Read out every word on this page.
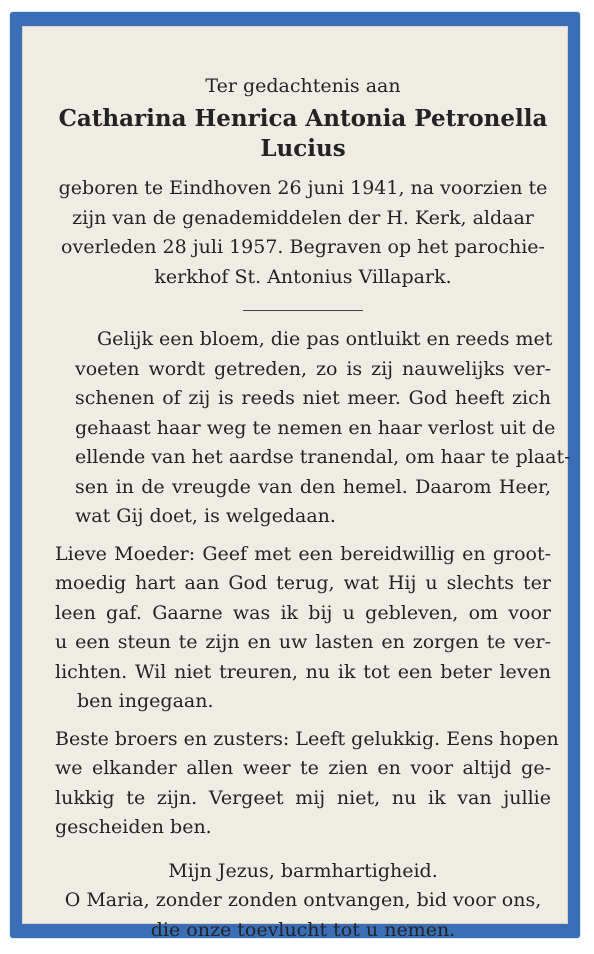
Ter gedachtenis aan
Catharina Henrica Antonia Petronella
Lucius
geboren te Eindhoven 26 juni 1941, na voorzien te
zijn van de genademiddelen der H. Kerk, aldaar
overleden 28 juli 1957. Begraven op het parochie-
kerkhof St. Antonius Villapark.
Gelijk een bloem, die pas ontluikt en reeds met
voeten wordt getreden, zo is zij nauwelijks ver-
schenen of zij is reeds niet meer. God heeft zich
gehaast haar weg te nemen en haar verlost uit de
ellende van het aardse tranendal, om haar te plaat-
sen in de vreugde van den hemel. Daarom Heer,
wat Gij doet, is welgedaan.
Lieve Moeder: Geef met een bereidwillig en groot-
moedig hart aan God terug, wat Hij u slechts ter
leen gaf. Gaarne was ik bij u gebleven, om voor
u een steun te zijn en uw lasten en zorgen te ver-
lichten. Wil niet treuren, nu ik tot een beter leven
ben ingegaan.
Beste broers en zusters: Leeft gelukkig. Eens hopen
we elkander allen weer te zien en voor altijd ge-
lukkig te zijn. Vergeet mij niet, nu ik van jullie
gescheiden ben.
Mijn Jezus, barmhartigheid.
O Maria, zonder zonden ontvangen, bid voor ons,
die onze toevlucht tot u nemen.
